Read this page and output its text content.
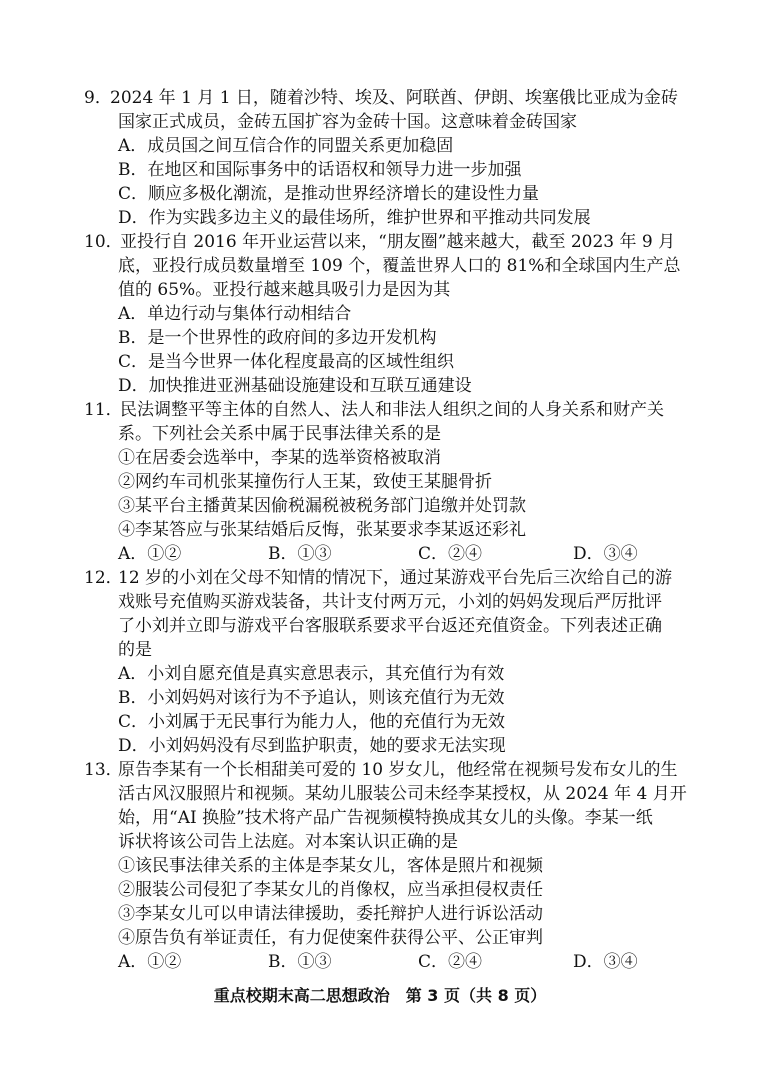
9．
2024 年 1 月 1 日，随着沙特、埃及、阿联酋、伊朗、埃塞俄比亚成为金砖
国家正式成员，金砖五国扩容为金砖十国。这意味着金砖国家
A．成员国之间互信合作的同盟关系更加稳固
B．在地区和国际事务中的话语权和领导力进一步加强
C．顺应多极化潮流，是推动世界经济增长的建设性力量
D．作为实践多边主义的最佳场所，维护世界和平推动共同发展
10．
亚投行自 2016 年开业运营以来，“朋友圈”越来越大，截至 2023 年 9 月
底，亚投行成员数量增至 109 个，覆盖世界人口的 81%和全球国内生产总
值的 65%。亚投行越来越具吸引力是因为其
A．单边行动与集体行动相结合
B．是一个世界性的政府间的多边开发机构
C．是当今世界一体化程度最高的区域性组织
D．加快推进亚洲基础设施建设和互联互通建设
11．
民法调整平等主体的自然人、法人和非法人组织之间的人身关系和财产关
系。下列社会关系中属于民事法律关系的是
①在居委会选举中，李某的选举资格被取消
②网约车司机张某撞伤行人王某，致使王某腿骨折
③某平台主播黄某因偷税漏税被税务部门追缴并处罚款
④李某答应与张某结婚后反悔，张某要求李某返还彩礼
A．①②	B．①③	C．②④	D．③④
12．
12 岁的小刘在父母不知情的情况下，通过某游戏平台先后三次给自己的游
戏账号充值购买游戏装备，共计支付两万元，小刘的妈妈发现后严厉批评
了小刘并立即与游戏平台客服联系要求平台返还充值资金。下列表述正确
的是
A．小刘自愿充值是真实意思表示，其充值行为有效
B．小刘妈妈对该行为不予追认，则该充值行为无效
C．小刘属于无民事行为能力人，他的充值行为无效
D．小刘妈妈没有尽到监护职责，她的要求无法实现
13．
原告李某有一个长相甜美可爱的 10 岁女儿，他经常在视频号发布女儿的生
活古风汉服照片和视频。某幼儿服装公司未经李某授权，从 2024 年 4 月开
始，用“AI 换脸”技术将产品广告视频模特换成其女儿的头像。李某一纸
诉状将该公司告上法庭。对本案认识正确的是
①该民事法律关系的主体是李某女儿，客体是照片和视频
②服装公司侵犯了李某女儿的肖像权，应当承担侵权责任
③李某女儿可以申请法律援助，委托辩护人进行诉讼活动
④原告负有举证责任，有力促使案件获得公平、公正审判
A．①②	B．①③	C．②④	D．③④
重点校期末高二思想政治　第 3 页（共 8 页）
